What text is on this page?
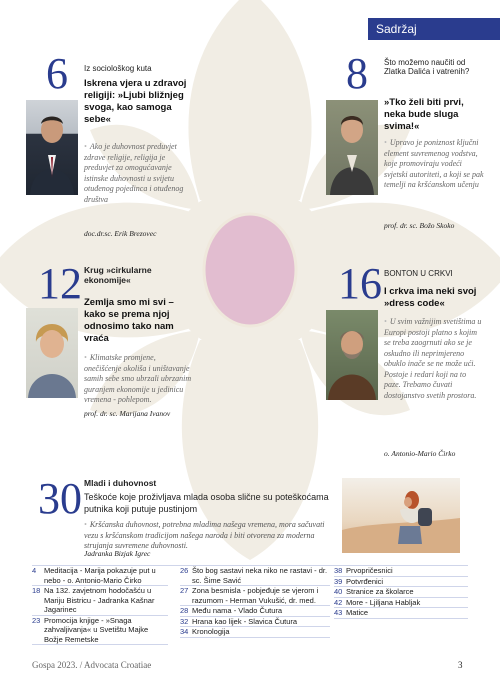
Sadržaj
6 Iz sociološkog kuta
Iskrena vjera u zdravoj religiji: »Ljubi bližnjeg svoga, kao samoga sebe«
• Ako je duhovnost preduvjet zdrave religije, religija je preduvjet za omogućavanje istinske duhovnosti u svijetu otuđenog pojedinca i otuđenog društva
doc.dr.sc. Erik Brezovec
8 Što možemo naučiti od Zlatka Dalića i vatrenih?
»Tko želi biti prvi, neka bude sluga svima!«
• Upravo je poniznost ključni element suvremenog vodstva, koje promoviraju vodeći svjetski autoriteti, a koji se pak temelji na kršćanskom učenju
prof. dr. sc. Božo Skoko
12 Krug »cirkularne ekonomije«
Zemlja smo mi svi – kako se prema njoj odnosimo tako nam vraća
• Klimatske promjene, onečišćenje okoliša i uništavanje samih sebe smo ubrzali ubrzanim guranjem ekonomije u jedinicu vremena - pohlepom.
prof. dr. sc. Marijana Ivanov
16 BONTON U CRKVI
I crkva ima neki svoj »dress code«
• U svim važnijim svetištima u Europi postoji platno s kojim se treba zaogrnuti ako se je oskudno ili neprimjereno obuklo inače se ne može ući. Postoje i redari koji na to paze. Trebamo čuvati dostojanstvo svetih prostora.
o. Antonio-Mario Čirko
30 Mladi i duhovnost
Teškoće koje proživljava mlada osoba slične su poteškoćama putnika koji putuje pustinjom
• Kršćanska duhovnost, potrebna mladima našega vremena, mora sačuvati vezu s kršćanskom tradicijom našega naroda i biti otvorena za moderna strujanja suvremene duhovnosti.
Jadranka Bizjak Igrec
4	Meditacija - Marija pokazuje put u nebo - o. Antonio-Mario Čirko
18 Na 132. zavjetnom hodočašću u Mariju Bistricu - Jadranka Kašnar Jagarinec
23 Promocija knjige - »Snaga zahvaljivanja« u Svetištu Majke Božje Remetske
26 Što bog sastavi neka niko ne rastavi - dr. sc. Šime Savić
27 Zona besmisla - pobjeđuje se vjerom i razumom - Herman Vukušić, dr. med.
28 Među nama - Vlado Čutura
32 Hrana kao lijek - Slavica Čutura
34 Kronologija
38 Prvopričesnici
39 Potvrđenici
40 Stranice za školarce
42 More - Ljiljana Habljak
43 Matice
Gospa 2023. / Advocata Croatiae	3
